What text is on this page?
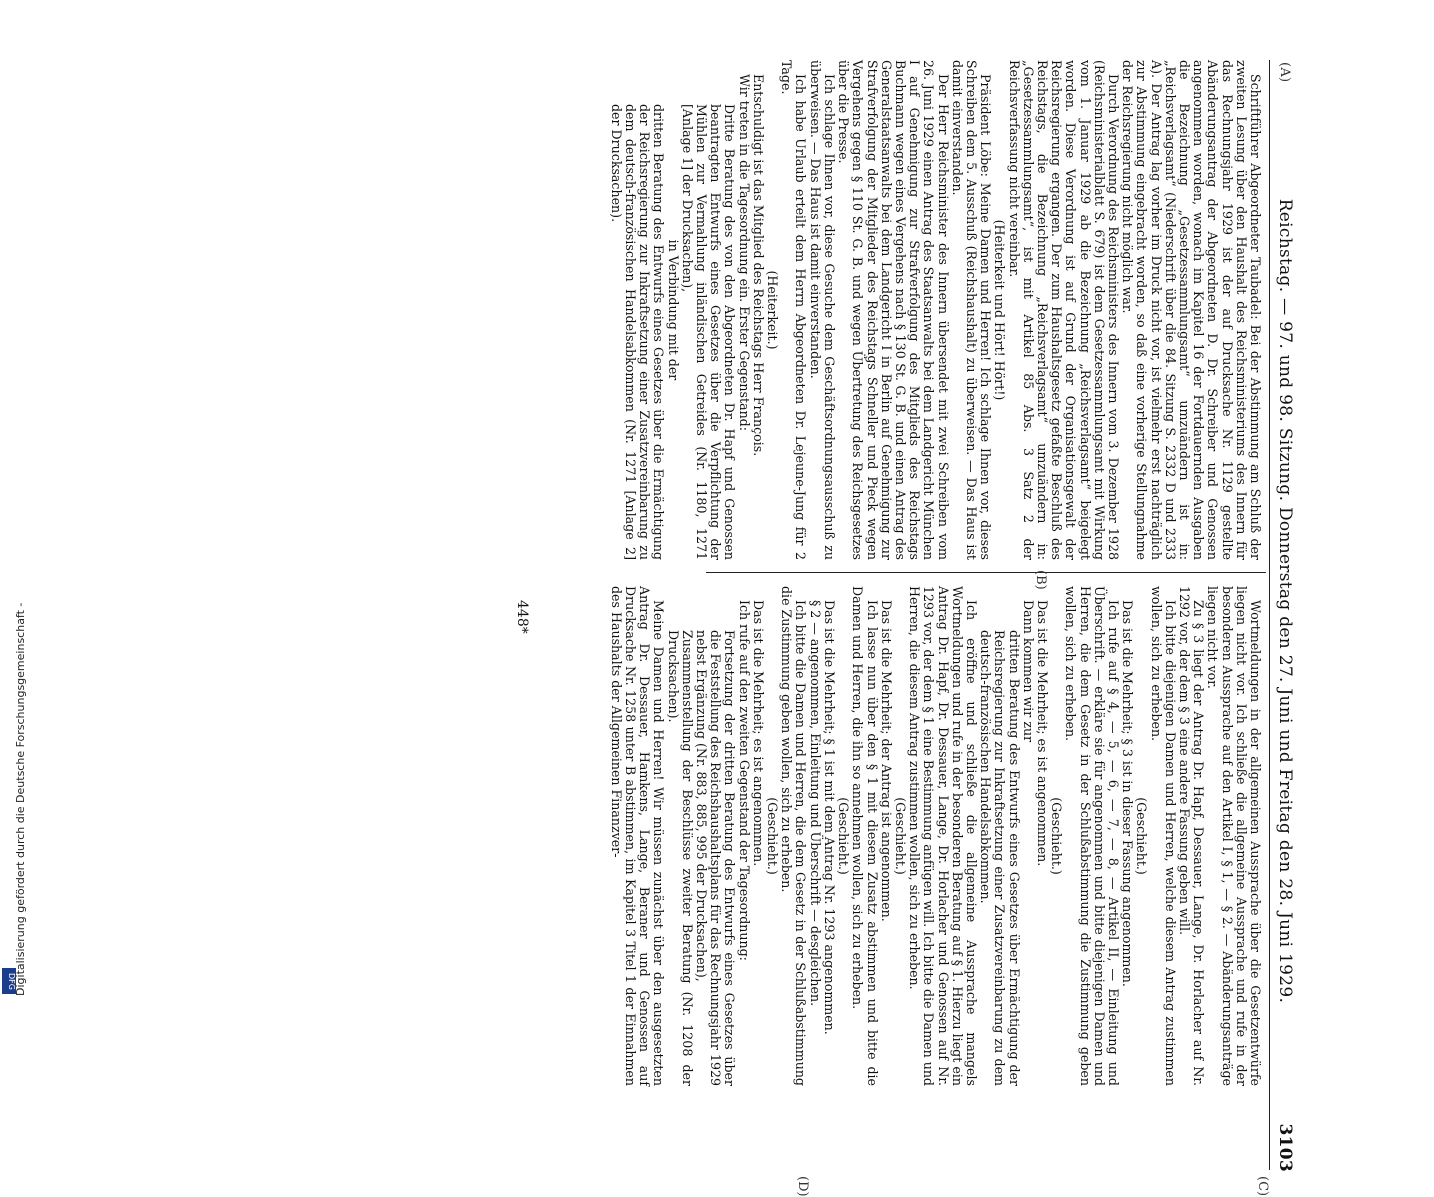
(A)
Reichstag. — 97. und 98. Sitzung. Donnerstag den 27. Juni und Freitag den 28. Juni 1929.
3103

Schriftführer Abgeordneter Taubadel: Bei der Abstimmung am Schluß der zweiten Lesung über den Haushalt des Reichsministeriums des Innern für das Rechnungsjahr 1929 ist der auf Drucksache Nr. 1129 gestellte Abänderungsantrag der Abgeordneten D. Dr. Schreiber und Genossen angenommen worden, wonach im Kapitel 16 der Fortdauernden Ausgaben die Bezeichnung „Gesetzessammlungsamt“ umzuändern ist in: „Reichsverlagsamt“ (Niederschrift über die 84. Sitzung S. 2332 D und 2333 A). Der Antrag lag vorher im Druck nicht vor, ist vielmehr erst nachträglich zur Abstimmung eingebracht worden, so daß eine vorherige Stellungnahme der Reichsregierung nicht möglich war.

Durch Verordnung des Reichsministers des Innern vom 3. Dezember 1928 (Reichsministerialblatt S. 679) ist dem Gesetzessammlungsamt mit Wirkung vom 1. Januar 1929 ab die Bezeichnung „Reichsverlagsamt“ beigelegt worden. Diese Verordnung ist auf Grund der Organisationsgewalt der Reichsregierung ergangen. Der zum Haushaltsgesetz gefaßte Beschluß des Reichstags, die Bezeichnung „Reichsverlagsamt“ umzuändern in: „Gesetzessammlungsamt“, ist mit Artikel 85 Abs. 3 Satz 2 der Reichsverfassung nicht vereinbar.

(Heiterkeit und Hört! Hört!)

Präsident Löbe: Meine Damen und Herren! Ich schlage Ihnen vor, dieses Schreiben dem 5. Ausschuß (Reichshaushalt) zu überweisen. — Das Haus ist damit einverstanden.

Der Herr Reichsminister des Innern übersendet mit zwei Schreiben vom 26. Juni 1929 einen Antrag des Staatsanwalts bei dem Landgericht München I auf Genehmigung zur Strafverfolgung des Mitglieds des Reichstags Buchmann wegen eines Vergehens nach § 130 St. G. B. und einen Antrag des Generalstaatsanwalts bei dem Landgericht I in Berlin auf Genehmigung zur Strafverfolgung der Mitglieder des Reichstags Schneller und Pieck wegen Vergehens gegen § 110 St. G. B. und wegen Übertretung des Reichsgesetzes über die Presse.

Ich schlage Ihnen vor, diese Gesuche dem Geschäftsordnungsausschuß zu überweisen. — Das Haus ist damit einverstanden.

Ich habe Urlaub erteilt dem Herrn Abgeordneten Dr. Lejeune-Jung für 2 Tage.

(Heiterkeit.)

Entschuldigt ist das Mitglied des Reichstags Herr François.

Wir treten in die Tagesordnung ein. Erster Gegenstand:

Dritte Beratung des von den Abgeordneten Dr. Hapf und Genossen beantragten Entwurfs eines Gesetzes über die Verpflichtung der Mühlen zur Vermahlung inländischen Getreides (Nr. 1180, 1271 [Anlage 1] der Drucksachen),

in Verbindung mit der

dritten Beratung des Entwurfs eines Gesetzes über die Ermächtigung der Reichsregierung zur Inkraftsetzung einer Zusatzvereinbarung zu dem deutsch-französischen Handelsabkommen (Nr. 1271 [Anlage 2] der Drucksachen).

Wortmeldungen in der allgemeinen Aussprache über die Gesetzentwürfe liegen nicht vor. Ich schließe die allgemeine Aussprache und rufe in der besonderen Aussprache auf den Artikel I, § 1, — § 2. — Abänderungsanträge liegen nicht vor.

Zu § 3 liegt der Antrag Dr. Hapf, Dessauer, Lange, Dr. Horlacher auf Nr. 1292 vor, der dem § 3 eine andere Fassung geben will.

Ich bitte diejenigen Damen und Herren, welche diesem Antrag zustimmen wollen, sich zu erheben.

(Geschieht.)

Das ist die Mehrheit; § 3 ist in dieser Fassung angenommen.

Ich rufe auf § 4, — 5, — 6, — 7, — 8, — Artikel II, — Einleitung und Überschrift. — erkläre sie für angenommen und bitte diejenigen Damen und Herren, die dem Gesetz in der Schlußabstimmung die Zustimmung geben wollen, sich zu erheben.

(Geschieht.)

Das ist die Mehrheit; es ist angenommen.

Dann kommen wir zur

dritten Beratung des Entwurfs eines Gesetzes über Ermächtigung der Reichsregierung zur Inkraftsetzung einer Zusatzvereinbarung zu dem deutsch-französischen Handelsabkommen.

Ich eröffne und schließe die allgemeine Aussprache mangels Wortmeldungen und rufe in der besonderen Beratung auf § 1. Hierzu liegt ein Antrag Dr. Hapf, Dr. Dessauer, Lange, Dr. Horlacher und Genossen auf Nr. 1293 vor, der dem § 1 eine Bestimmung anfügen will. Ich bitte die Damen und Herren, die diesem Antrag zustimmen wollen, sich zu erheben.

(Geschieht.)

Das ist die Mehrheit; der Antrag ist angenommen.

Ich lasse nun über den § 1 mit diesem Zusatz abstimmen und bitte die Damen und Herren, die ihn so annehmen wollen, sich zu erheben.

(Geschieht.)

Das ist die Mehrheit; § 1 ist mit dem Antrag Nr. 1293 angenommen.

§ 2 — angenommen, Einleitung und Überschrift — desgleichen.

Ich bitte die Damen und Herren, die dem Gesetz in der Schlußabstimmung die Zustimmung geben wollen, sich zu erheben.

(Geschieht.)

Das ist die Mehrheit; es ist angenommen.

Ich rufe auf den zweiten Gegenstand der Tagesordnung:

Fortsetzung der dritten Beratung des Entwurfs eines Gesetzes über die Feststellung des Reichshaushaltsplans für das Rechnungsjahr 1929 nebst Ergänzung (Nr. 883, 885, 995 der Drucksachen),

Zusammenstellung der Beschlüsse zweiter Beratung (Nr. 1208 der Drucksachen).

Meine Damen und Herren! Wir müssen zunächst über den ausgesetzten Antrag Dr. Dessauer, Hamkens, Lange, Beraner und Genossen auf Drucksache Nr. 1258 unter B abstimmen, im Kapitel 3 Titel 1 der Einnahmen des Haushalts der Allgemeinen Finanzver-

(B)
(C)
(D)
448*
DFG
Digitalisierung gefördert durch die Deutsche Forschungsgemeinschaft -
